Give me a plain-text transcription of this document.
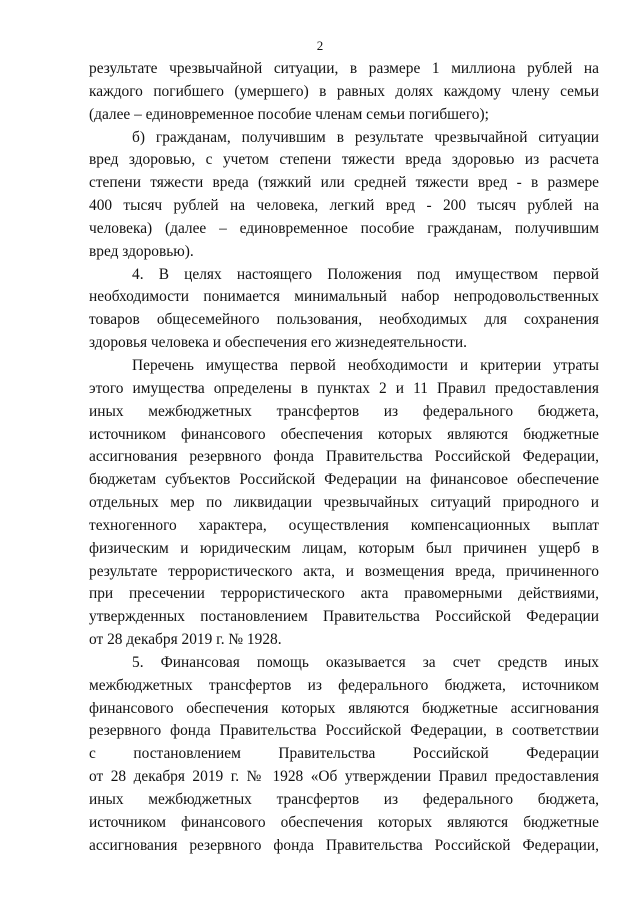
2
результате чрезвычайной ситуации, в размере 1 миллиона рублей на
каждого погибшего (умершего) в равных долях каждому члену семьи
(далее – единовременное пособие членам семьи погибшего);
б) гражданам, получившим в результате чрезвычайной ситуации
вред здоровью, с учетом степени тяжести вреда здоровью из расчета
степени тяжести вреда (тяжкий или средней тяжести вред - в размере
400 тысяч рублей на человека, легкий вред - 200 тысяч рублей на
человека) (далее – единовременное пособие гражданам, получившим
вред здоровью).
4. В целях настоящего Положения под имуществом первой
необходимости понимается минимальный набор непродовольственных
товаров общесемейного пользования, необходимых для сохранения
здоровья человека и обеспечения его жизнедеятельности.
Перечень имущества первой необходимости и критерии утраты
этого имущества определены в пунктах 2 и 11 Правил предоставления
иных межбюджетных трансфертов из федерального бюджета,
источником финансового обеспечения которых являются бюджетные
ассигнования резервного фонда Правительства Российской Федерации,
бюджетам субъектов Российской Федерации на финансовое обеспечение
отдельных мер по ликвидации чрезвычайных ситуаций природного и
техногенного характера, осуществления компенсационных выплат
физическим и юридическим лицам, которым был причинен ущерб в
результате террористического акта, и возмещения вреда, причиненного
при пресечении террористического акта правомерными действиями,
утвержденных постановлением Правительства Российской Федерации
от 28 декабря 2019 г. № 1928.
5. Финансовая помощь оказывается за счет средств иных
межбюджетных трансфертов из федерального бюджета, источником
финансового обеспечения которых являются бюджетные ассигнования
резервного фонда Правительства Российской Федерации, в соответствии
с постановлением Правительства Российской Федерации
от 28 декабря 2019 г. № 1928 «Об утверждении Правил предоставления
иных межбюджетных трансфертов из федерального бюджета,
источником финансового обеспечения которых являются бюджетные
ассигнования резервного фонда Правительства Российской Федерации,
